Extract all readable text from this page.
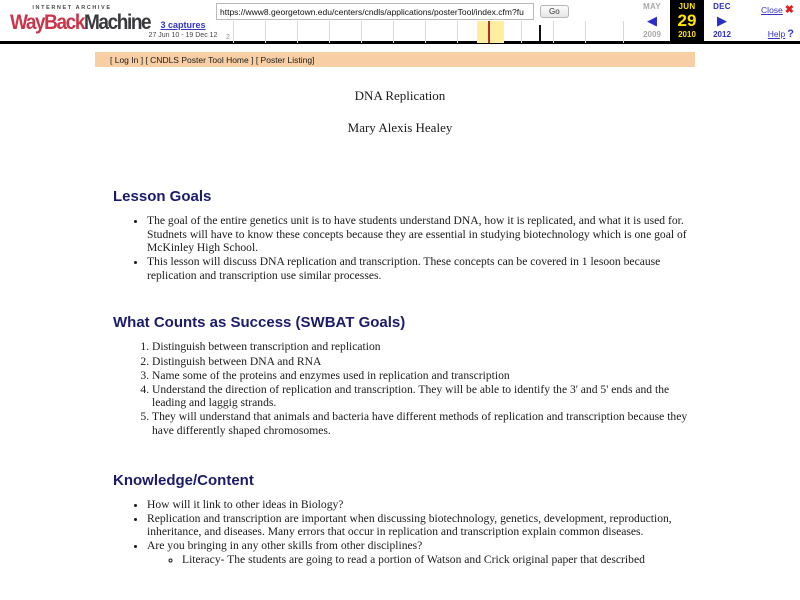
INTERNET ARCHIVE
WayBackMachine	3 captures
27 Jun 10 - 19 Dec 12
https://www8.georgetown.edu/centers/cndls/applications/posterTool/index.cfm?fu
Go
2
MAY
◀
2009
JUN
29
2010
DEC
▶
2012
Close ✖
Help ?
[ Log In ] [ CNDLS Poster Tool Home ] [ Poster Listing]
DNA Replication
Mary Alexis Healey
Lesson Goals
• The goal of the entire genetics unit is to have students understand DNA, how it is replicated, and what it is used for. Studnets will have to know these concepts because they are essential in studying biotechnology which is one goal of McKinley High School.
• This lesson will discuss DNA replication and transcription. These concepts can be covered in 1 lesoon because replication and transcription use similar processes.
What Counts as Success (SWBAT Goals)
1. Distinguish between transcription and replication
2. Distinguish between DNA and RNA
3. Name some of the proteins and enzymes used in replication and transcription
4. Understand the direction of replication and transcription. They will be able to identify the 3' and 5' ends and the leading and laggig strands.
5. They will understand that animals and bacteria have different methods of replication and transcription because they have differently shaped chromosomes.
Knowledge/Content
• How will it link to other ideas in Biology?
• Replication and transcription are important when discussing biotechnology, genetics, development, reproduction, inheritance, and diseases. Many errors that occur in replication and transcription explain common diseases.
• Are you bringing in any other skills from other disciplines?
◦ Literacy- The students are going to read a portion of Watson and Crick original paper that described
